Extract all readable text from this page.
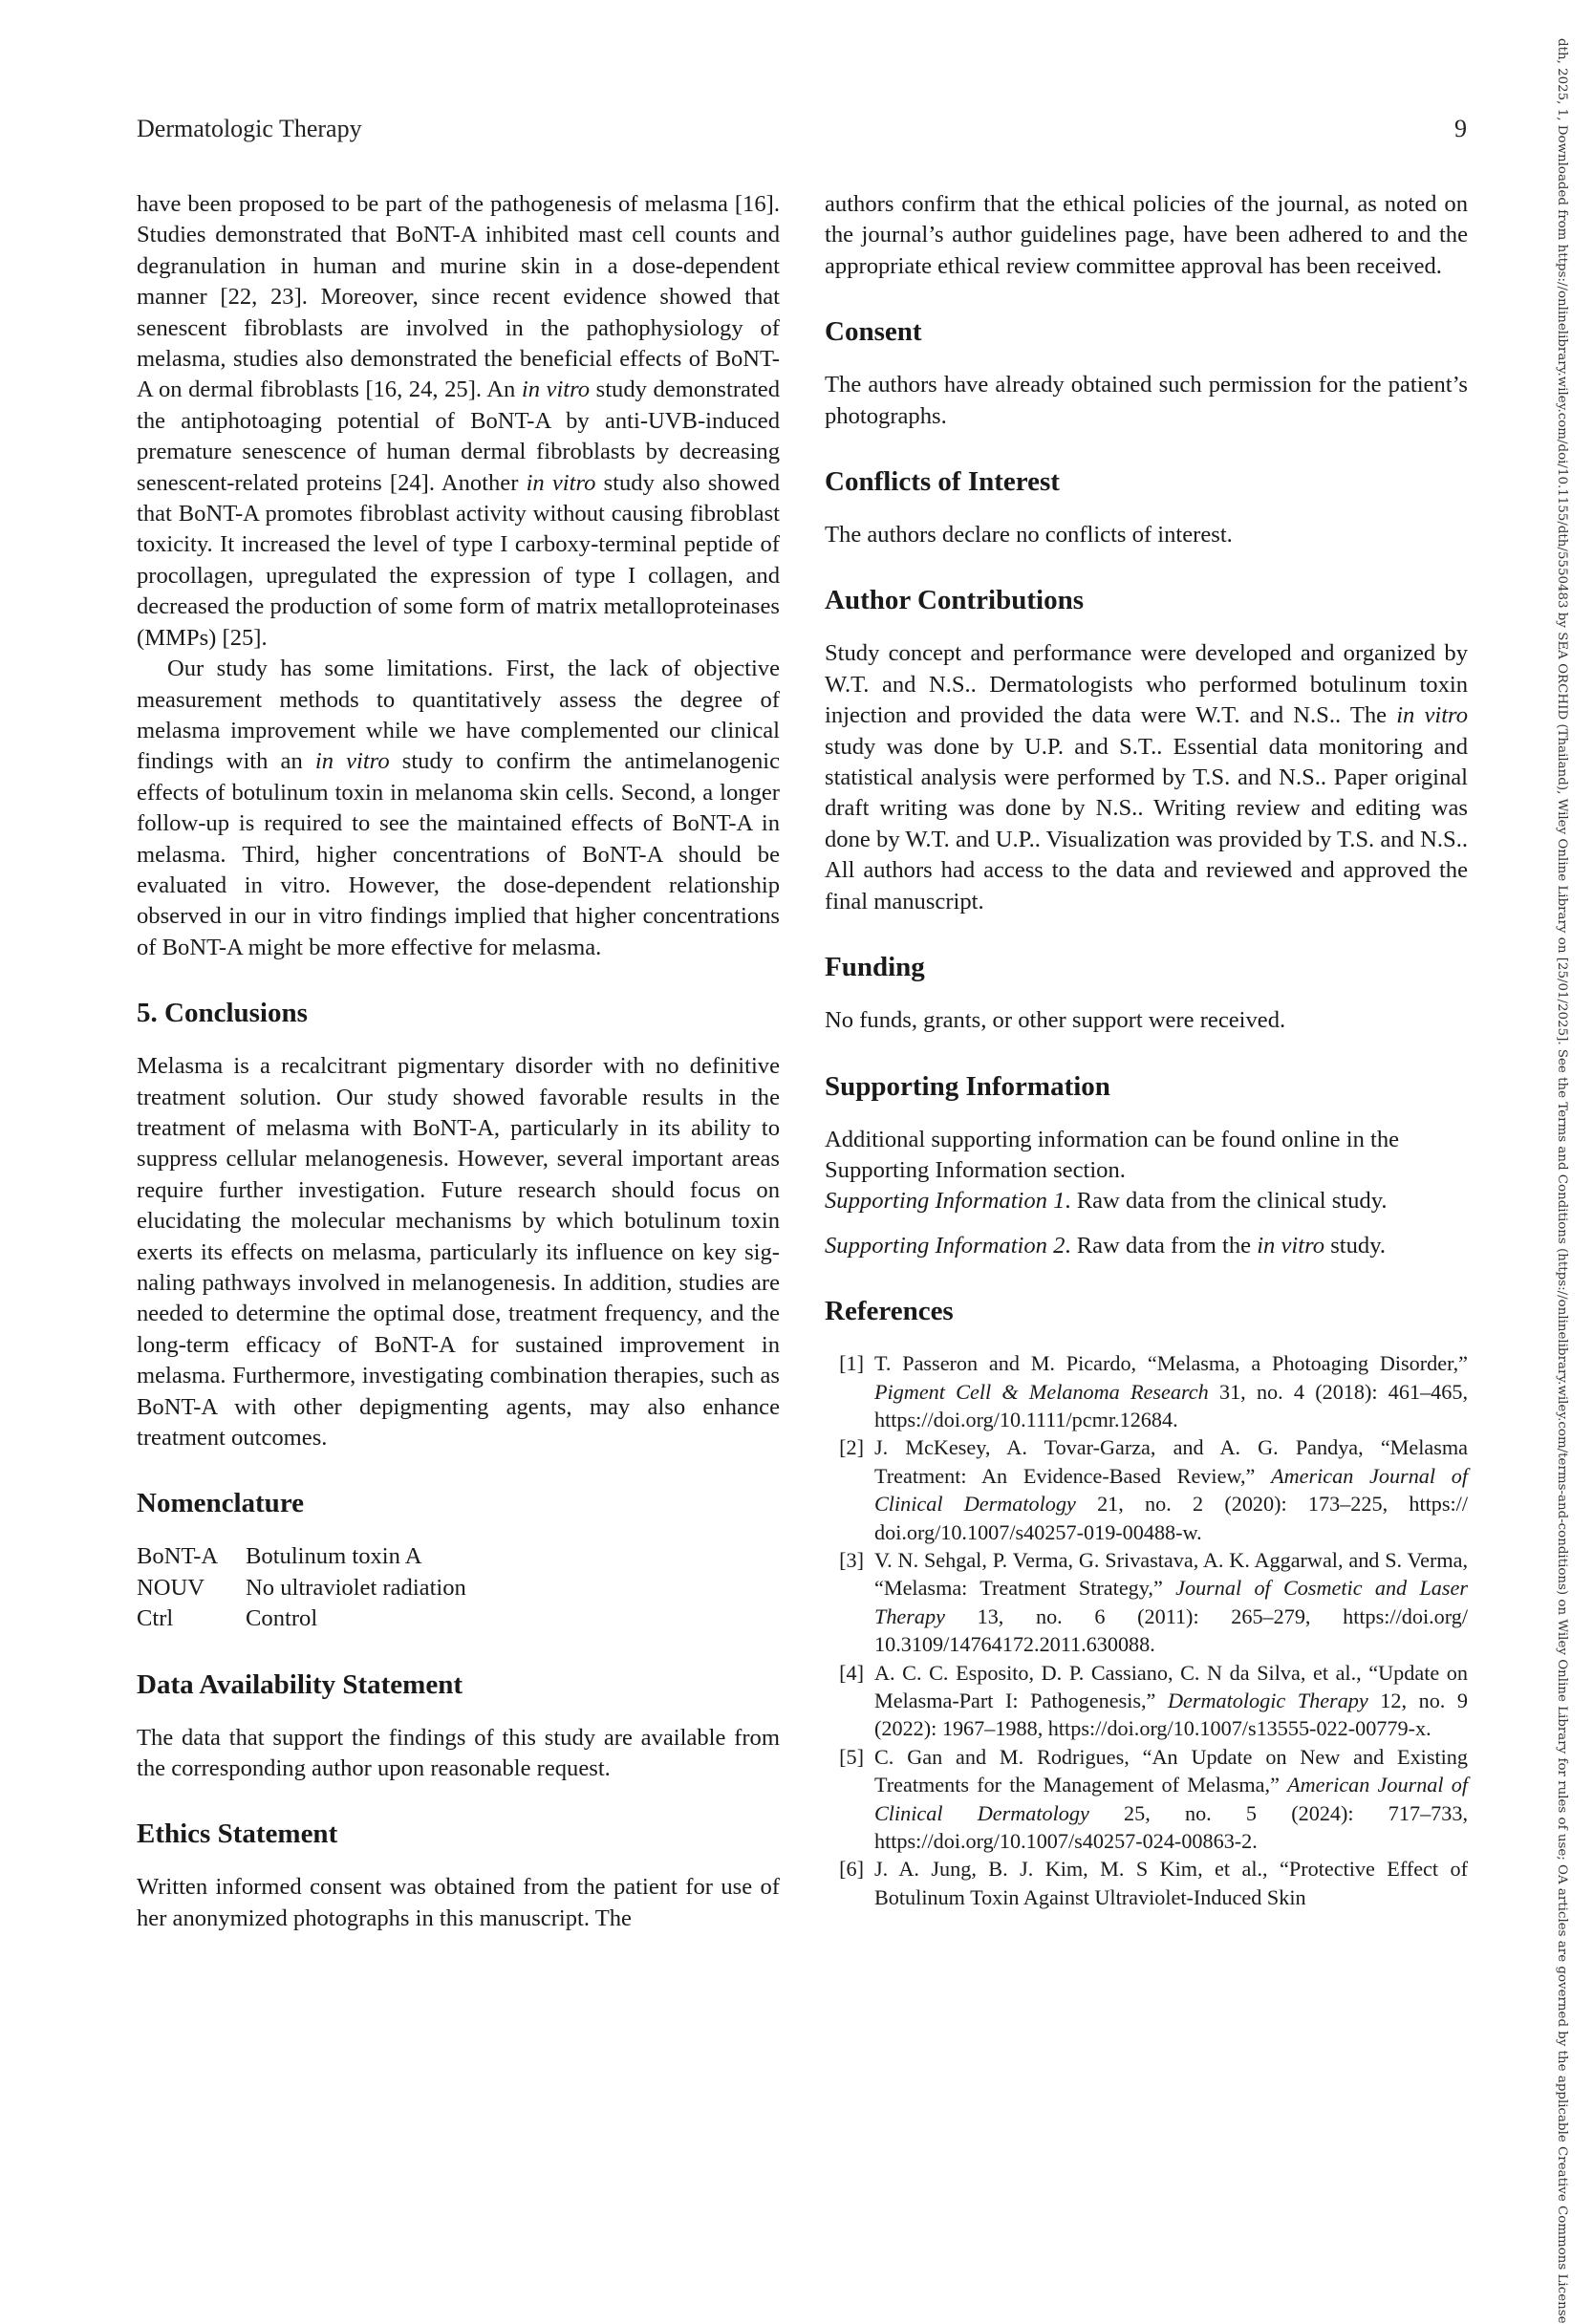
Dermatologic Therapy	9

have been proposed to be part of the pathogenesis of melasma [16]. Studies demonstrated that BoNT-A inhibited mast cell counts and degranulation in human and murine skin in a dose-dependent manner [22, 23]. Moreover, since recent evidence showed that senescent fibroblasts are involved in the pathophysiology of melasma, studies also demonstrated the beneficial effects of BoNT-A on dermal fibroblasts [16, 24, 25]. An in vitro study demonstrated the antiphotoaging potential of BoNT-A by anti-UVB-induced premature senescence of human dermal fibroblasts by decreasing senescent-related proteins [24]. Another in vitro study also showed that BoNT-A promotes fibroblast activity without causing fibroblast toxicity. It increased the level of type I carboxy-terminal peptide of procollagen, upregulated the expression of type I collagen, and decreased the production of some form of matrix metalloproteinases (MMPs) [25].

Our study has some limitations. First, the lack of objective measurement methods to quantitatively assess the degree of melasma improvement while we have complemented our clinical findings with an in vitro study to confirm the antimelanogenic effects of botulinum toxin in melanoma skin cells. Second, a longer follow-up is required to see the maintained effects of BoNT-A in melasma. Third, higher concentrations of BoNT-A should be evaluated in vitro. However, the dose-dependent relationship observed in our in vitro findings implied that higher concentrations of BoNT-A might be more effective for melasma.

5. Conclusions

Melasma is a recalcitrant pigmentary disorder with no definitive treatment solution. Our study showed favorable results in the treatment of melasma with BoNT-A, particularly in its ability to suppress cellular melanogenesis. However, several important areas require further investigation. Future research should focus on elucidating the molecular mechanisms by which botulinum toxin exerts its effects on melasma, particularly its influence on key signaling pathways involved in melanogenesis. In addition, studies are needed to determine the optimal dose, treatment frequency, and the long-term efficacy of BoNT-A for sustained improvement in melasma. Furthermore, investigating combination therapies, such as BoNT-A with other depigmenting agents, may also enhance treatment outcomes.

Nomenclature
BoNT-A	Botulinum toxin A
NOUV	No ultraviolet radiation
Ctrl	Control
Data Availability Statement

The data that support the findings of this study are available from the corresponding author upon reasonable request.

Ethics Statement

Written informed consent was obtained from the patient for use of her anonymized photographs in this manuscript. The

authors confirm that the ethical policies of the journal, as noted on the journal’s author guidelines page, have been adhered to and the appropriate ethical review committee approval has been received.

Consent

The authors have already obtained such permission for the patient’s photographs.

Conflicts of Interest

The authors declare no conflicts of interest.

Author Contributions

Study concept and performance were developed and organized by W.T. and N.S.. Dermatologists who performed botulinum toxin injection and provided the data were W.T. and N.S.. The in vitro study was done by U.P. and S.T.. Essential data monitoring and statistical analysis were performed by T.S. and N.S.. Paper original draft writing was done by N.S.. Writing review and editing was done by W.T. and U.P.. Visualization was provided by T.S. and N.S.. All authors had access to the data and reviewed and approved the final manuscript.

Funding

No funds, grants, or other support were received.

Supporting Information

Additional supporting information can be found online in the Supporting Information section.

Supporting Information 1. Raw data from the clinical study.

Supporting Information 2. Raw data from the in vitro study.

References
[1] T. Passeron and M. Picardo, “Melasma, a Photoaging Disorder,” Pigment Cell & Melanoma Research 31, no. 4 (2018): 461–465, https://doi.org/10.1111/pcmr.12684.
[2] J. McKesey, A. Tovar-Garza, and A. G. Pandya, “Melasma Treatment: An Evidence-Based Review,” American Journal of Clinical Dermatology 21, no. 2 (2020): 173–225, https://​doi.org/10.1007/s40257-019-00488-w.
[3] V. N. Sehgal, P. Verma, G. Srivastava, A. K. Aggarwal, and S. Verma, “Melasma: Treatment Strategy,” Journal of Cosmetic and Laser Therapy 13, no. 6 (2011): 265–279, https://doi.org/​10.3109/14764172.2011.630088.
[4] A. C. C. Esposito, D. P. Cassiano, C. N da Silva, et al., “Update on Melasma-Part I: Pathogenesis,” Dermatologic Therapy 12, no. 9 (2022): 1967–1988, https://doi.org/10.1007/s13555-022-​00779-x.
[5] C. Gan and M. Rodrigues, “An Update on New and Existing Treatments for the Management of Melasma,” American Journal of Clinical Dermatology 25, no. 5 (2024): 717–733, https://doi.org/10.1007/s40257-024-00863-2.
[6] J. A. Jung, B. J. Kim, M. S Kim, et al., “Protective Effect of Botulinum Toxin Against Ultraviolet-Induced Skin	dth, 2025, 1, Downloaded from https://onlinelibrary.wiley.com/doi/10.1155/dth/5550483 by SEA ORCHID (Thailand), Wiley Online Library on [25/01/2025]. See the Terms and Conditions (https://onlinelibrary.wiley.com/terms-and-conditions) on Wiley Online Library for rules of use; OA articles are governed by the applicable Creative Commons License
